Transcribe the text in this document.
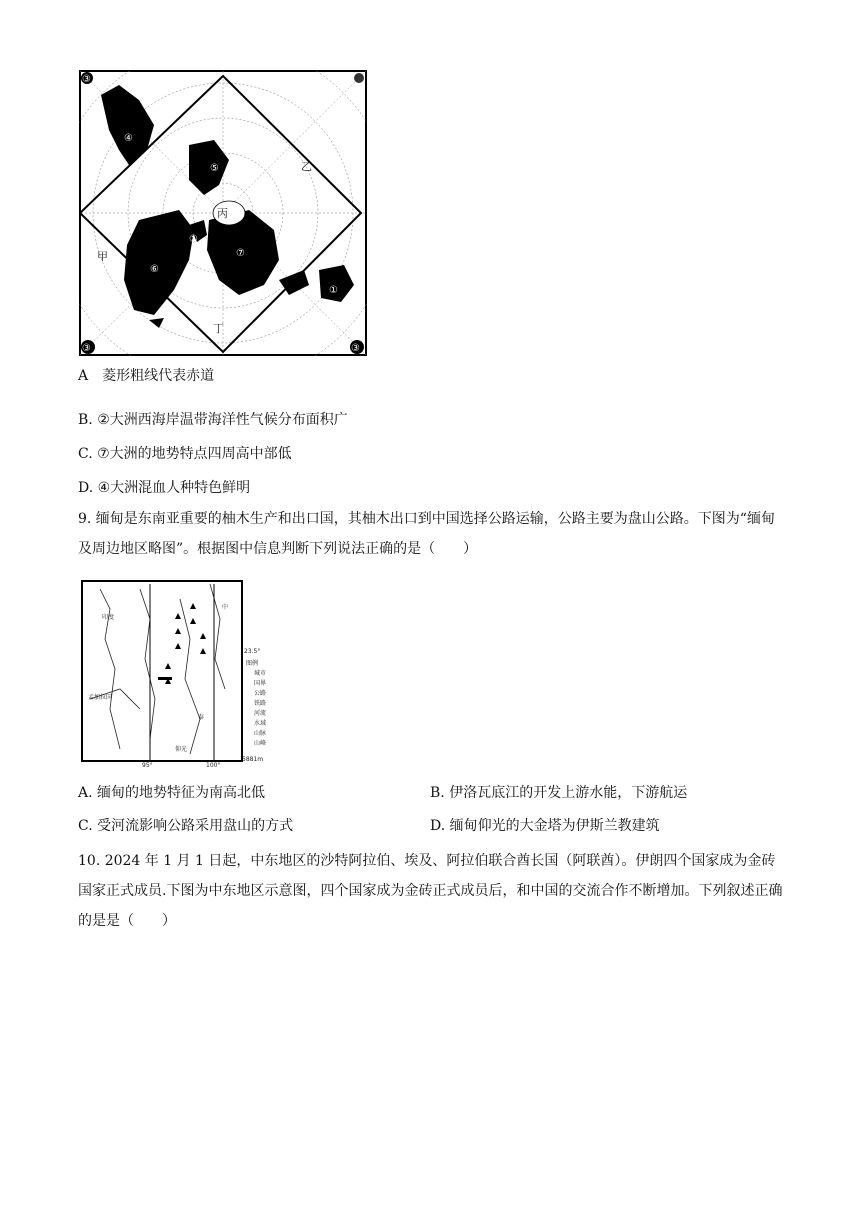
甲
乙
丙
丁
④
⑤
②
⑥
⑦
①
③
③	③
A　菱形粗线代表赤道
B. ②大洲西海岸温带海洋性气候分布面积广
C. ⑦大洲的地势特点四周高中部低
D. ④大洲混血人种特色鲜明
9. 缅甸是东南亚重要的柚木生产和出口国，其柚木出口到中国选择公路运输，公路主要为盘山公路。下图为“缅甸及周边地区略图”。根据图中信息判断下列说法正确的是（　　）
印度
孟加拉国
中
泰
仰光
23.5°
95°	100°
图例
城市
国界
公路
铁路
河流
水域
山脉
山峰
5881m
A. 缅甸的地势特征为南高北低	B. 伊洛瓦底江的开发上游水能，下游航运
C. 受河流影响公路采用盘山的方式	D. 缅甸仰光的大金塔为伊斯兰教建筑
10. 2024 年 1 月 1 日起，中东地区的沙特阿拉伯、埃及、阿拉伯联合酋长国（阿联酋）。伊朗四个国家成为金砖国家正式成员.下图为中东地区示意图，四个国家成为金砖正式成员后，和中国的交流合作不断增加。下列叙述正确的是是（　　）
